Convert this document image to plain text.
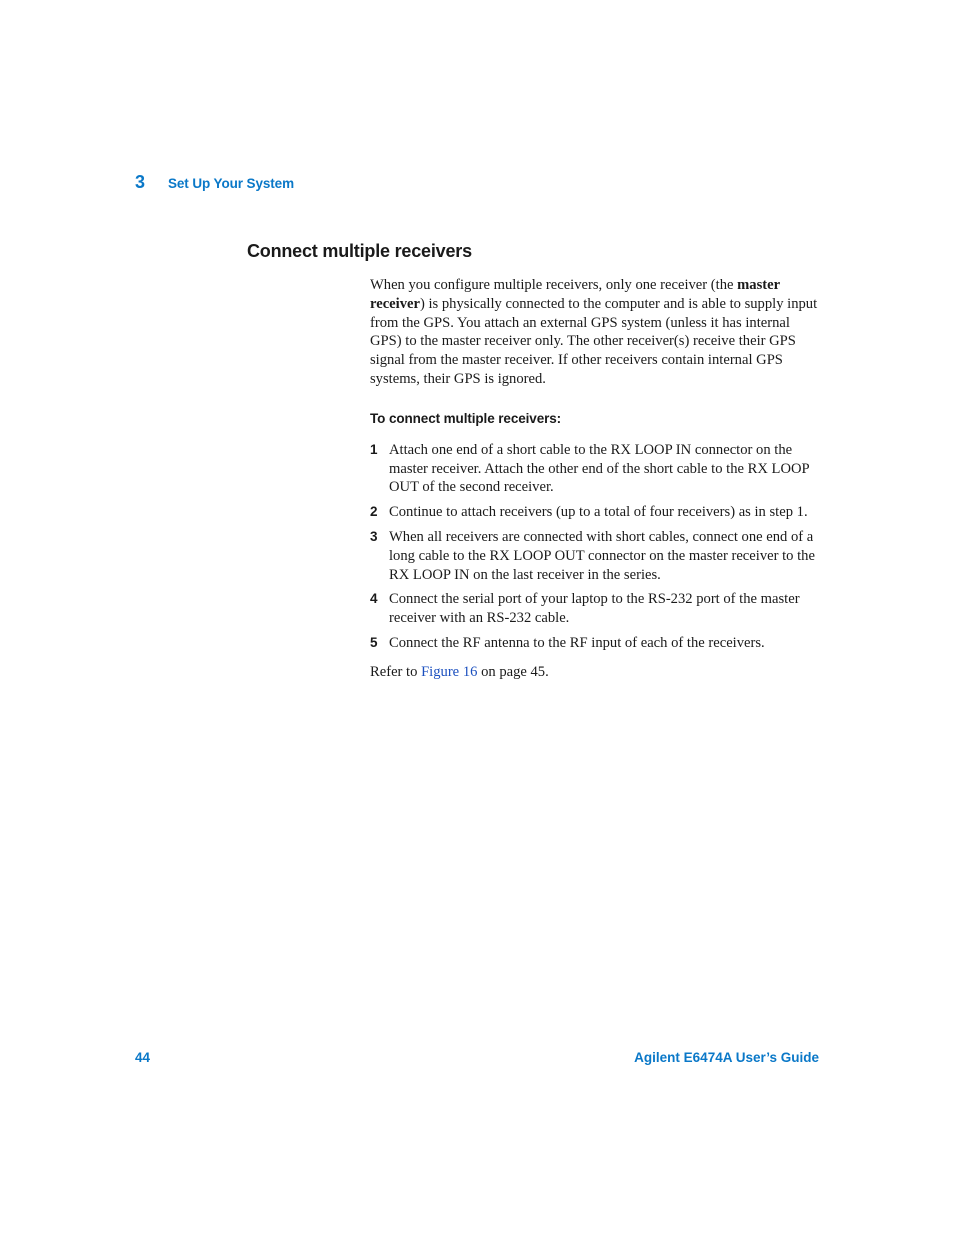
3	Set Up Your System
Connect multiple receivers

When you configure multiple receivers, only one receiver (the master receiver) is physically connected to the computer and is able to supply input from the GPS. You attach an external GPS system (unless it has internal GPS) to the master receiver only. The other receiver(s) receive their GPS signal from the master receiver. If other receivers contain internal GPS systems, their GPS is ignored.

To connect multiple receivers:

1 Attach one end of a short cable to the RX LOOP IN connector on the master receiver. Attach the other end of the short cable to the RX LOOP OUT of the second receiver.
2 Continue to attach receivers (up to a total of four receivers) as in step 1.
3 When all receivers are connected with short cables, connect one end of a long cable to the RX LOOP OUT connector on the master receiver to the RX LOOP IN on the last receiver in the series.
4 Connect the serial port of your laptop to the RS-232 port of the master receiver with an RS-232 cable.
5 Connect the RF antenna to the RF input of each of the receivers.

Refer to Figure 16 on page 45.

44	Agilent E6474A User’s Guide
